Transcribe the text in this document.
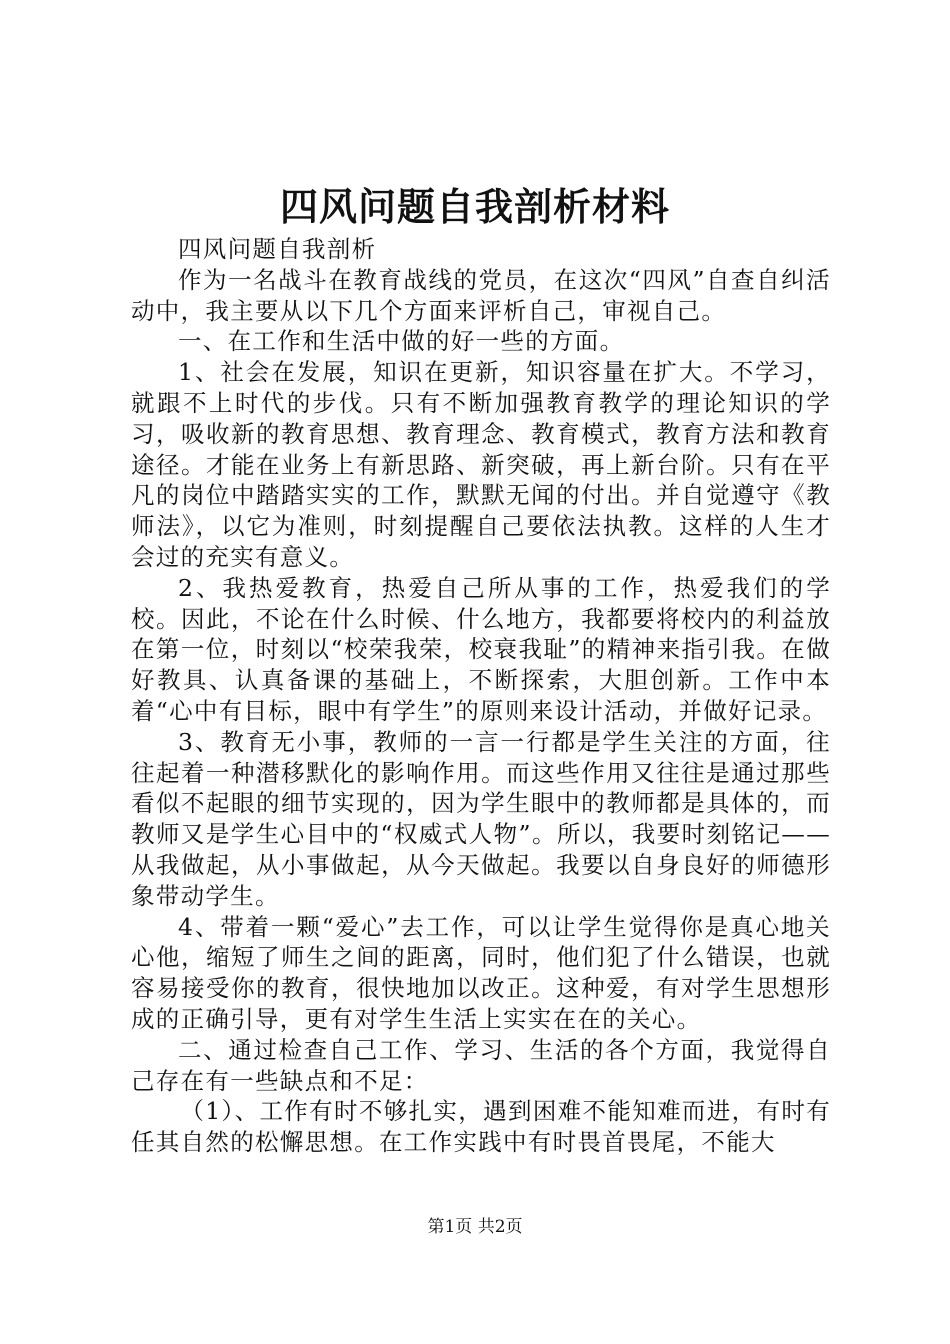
四风问题自我剖析材料

四风问题自我剖析

作为一名战斗在教育战线的党员，在这次“四风”自查自纠活动中，我主要从以下几个方面来评析自己，审视自己。

一、在工作和生活中做的好一些的方面。

1、社会在发展，知识在更新，知识容量在扩大。不学习，就跟不上时代的步伐。只有不断加强教育教学的理论知识的学习，吸收新的教育思想、教育理念、教育模式，教育方法和教育途径。才能在业务上有新思路、新突破，再上新台阶。只有在平凡的岗位中踏踏实实的工作，默默无闻的付出。并自觉遵守《教师法》，以它为准则，时刻提醒自己要依法执教。这样的人生才会过的充实有意义。

2、我热爱教育，热爱自己所从事的工作，热爱我们的学校。因此，不论在什么时候、什么地方，我都要将校内的利益放在第一位，时刻以“校荣我荣，校衰我耻”的精神来指引我。在做好教具、认真备课的基础上，不断探索，大胆创新。工作中本着“心中有目标，眼中有学生”的原则来设计活动，并做好记录。

3、教育无小事，教师的一言一行都是学生关注的方面，往往起着一种潜移默化的影响作用。而这些作用又往往是通过那些看似不起眼的细节实现的，因为学生眼中的教师都是具体的，而教师又是学生心目中的“权威式人物”。所以，我要时刻铭记——从我做起，从小事做起，从今天做起。我要以自身良好的师德形象带动学生。

4、带着一颗“爱心”去工作，可以让学生觉得你是真心地关心他，缩短了师生之间的距离，同时，他们犯了什么错误，也就容易接受你的教育，很快地加以改正。这种爱，有对学生思想形成的正确引导，更有对学生生活上实实在在的关心。

二、通过检查自己工作、学习、生活的各个方面，我觉得自己存在有一些缺点和不足：

（1）、工作有时不够扎实，遇到困难不能知难而进，有时有任其自然的松懈思想。在工作实践中有时畏首畏尾，不能大

第1页 共2页
